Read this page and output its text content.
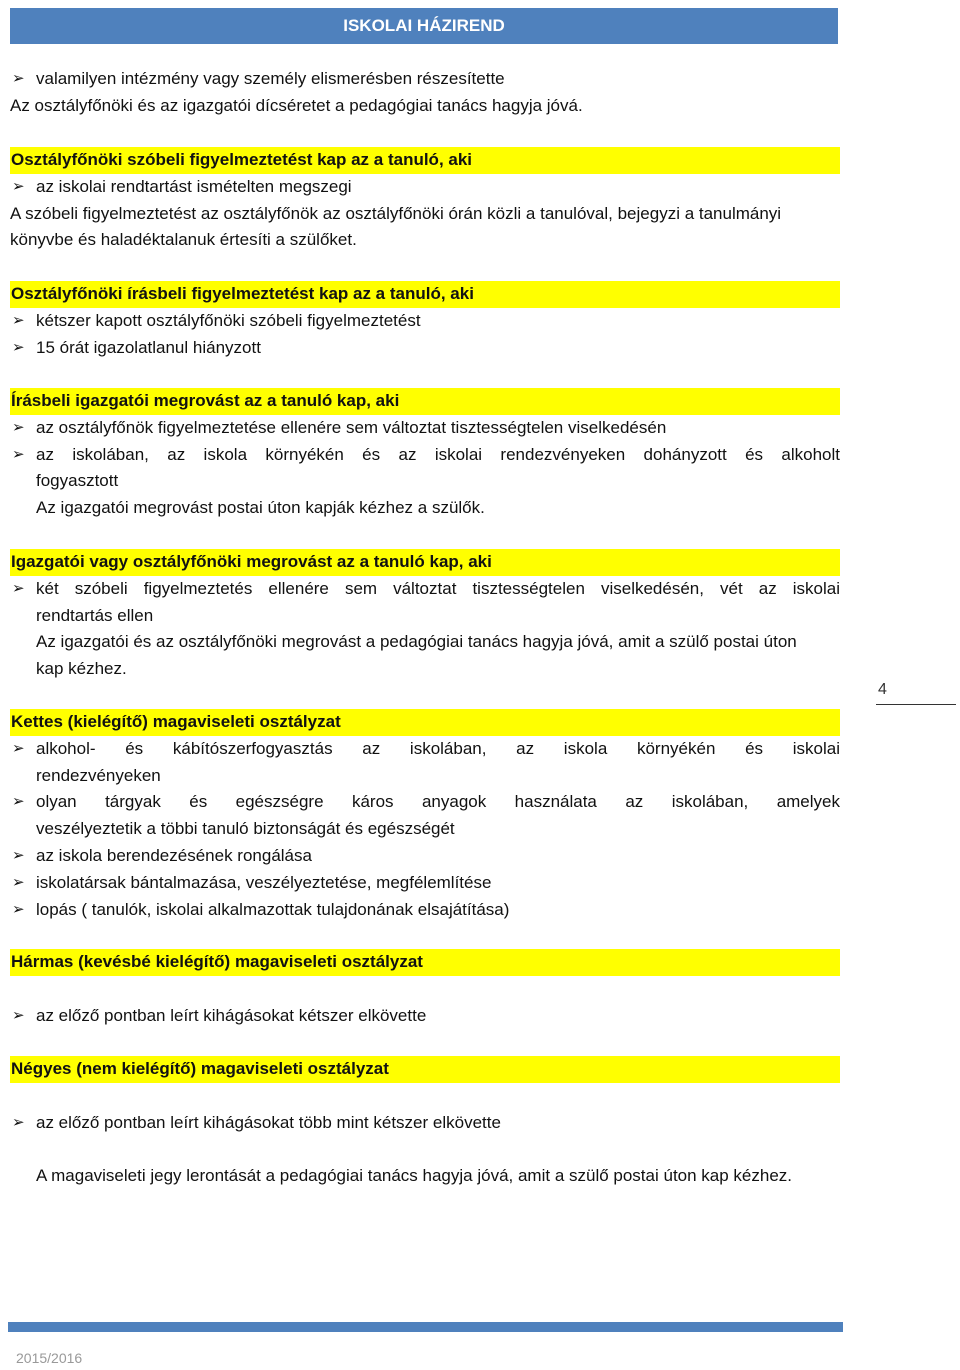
ISKOLAI HÁZIREND
➢ valamilyen intézmény vagy személy elismerésben részesítette
Az osztályfőnöki és az igazgatói dícséretet a pedagógiai tanács hagyja jóvá.
Osztályfőnöki szóbeli figyelmeztetést kap az a tanuló, aki
➢ az iskolai rendtartást ismételten megszegi
A szóbeli figyelmeztetést az osztályfőnök az osztályfőnöki órán közli a tanulóval, bejegyzi a tanulmányi
könyvbe és haladéktalanuk értesíti a szülőket.
Osztályfőnöki írásbeli figyelmeztetést kap az a tanuló, aki
➢ kétszer kapott osztályfőnöki szóbeli figyelmeztetést
➢ 15 órát igazolatlanul hiányzott
Írásbeli igazgatói megrovást az a tanuló kap, aki
➢ az osztályfőnök figyelmeztetése ellenére sem változtat tisztességtelen viselkedésén
➢ az iskolában, az iskola környékén és az iskolai rendezvényeken dohányzott és alkoholt
fogyasztott
Az igazgatói megrovást postai úton kapják kézhez a szülők.
Igazgatói vagy osztályfőnöki megrovást az a tanuló kap, aki
➢ két szóbeli figyelmeztetés ellenére sem változtat tisztességtelen viselkedésén, vét az iskolai
rendtartás ellen
Az igazgatói és az osztályfőnöki megrovást a pedagógiai tanács hagyja jóvá, amit a szülő postai úton
kap kézhez.
Kettes (kielégítő) magaviseleti osztályzat
➢ alkohol- és kábítószerfogyasztás az iskolában, az iskola környékén és iskolai
rendezvényeken
➢ olyan tárgyak és egészségre káros anyagok használata az iskolában, amelyek
veszélyeztetik a többi tanuló biztonságát és egészségét
➢ az iskola berendezésének rongálása
➢ iskolatársak bántalmazása, veszélyeztetése, megfélemlítése
➢ lopás ( tanulók, iskolai alkalmazottak tulajdonának elsajátítása)
Hármas (kevésbé kielégítő) magaviseleti osztályzat
➢ az előző pontban leírt kihágásokat kétszer elkövette
Négyes (nem kielégítő) magaviseleti osztályzat
➢ az előző pontban leírt kihágásokat több mint kétszer elkövette
A magaviseleti jegy lerontását a pedagógiai tanács hagyja jóvá, amit a szülő postai úton kap kézhez.
4
2015/2016
